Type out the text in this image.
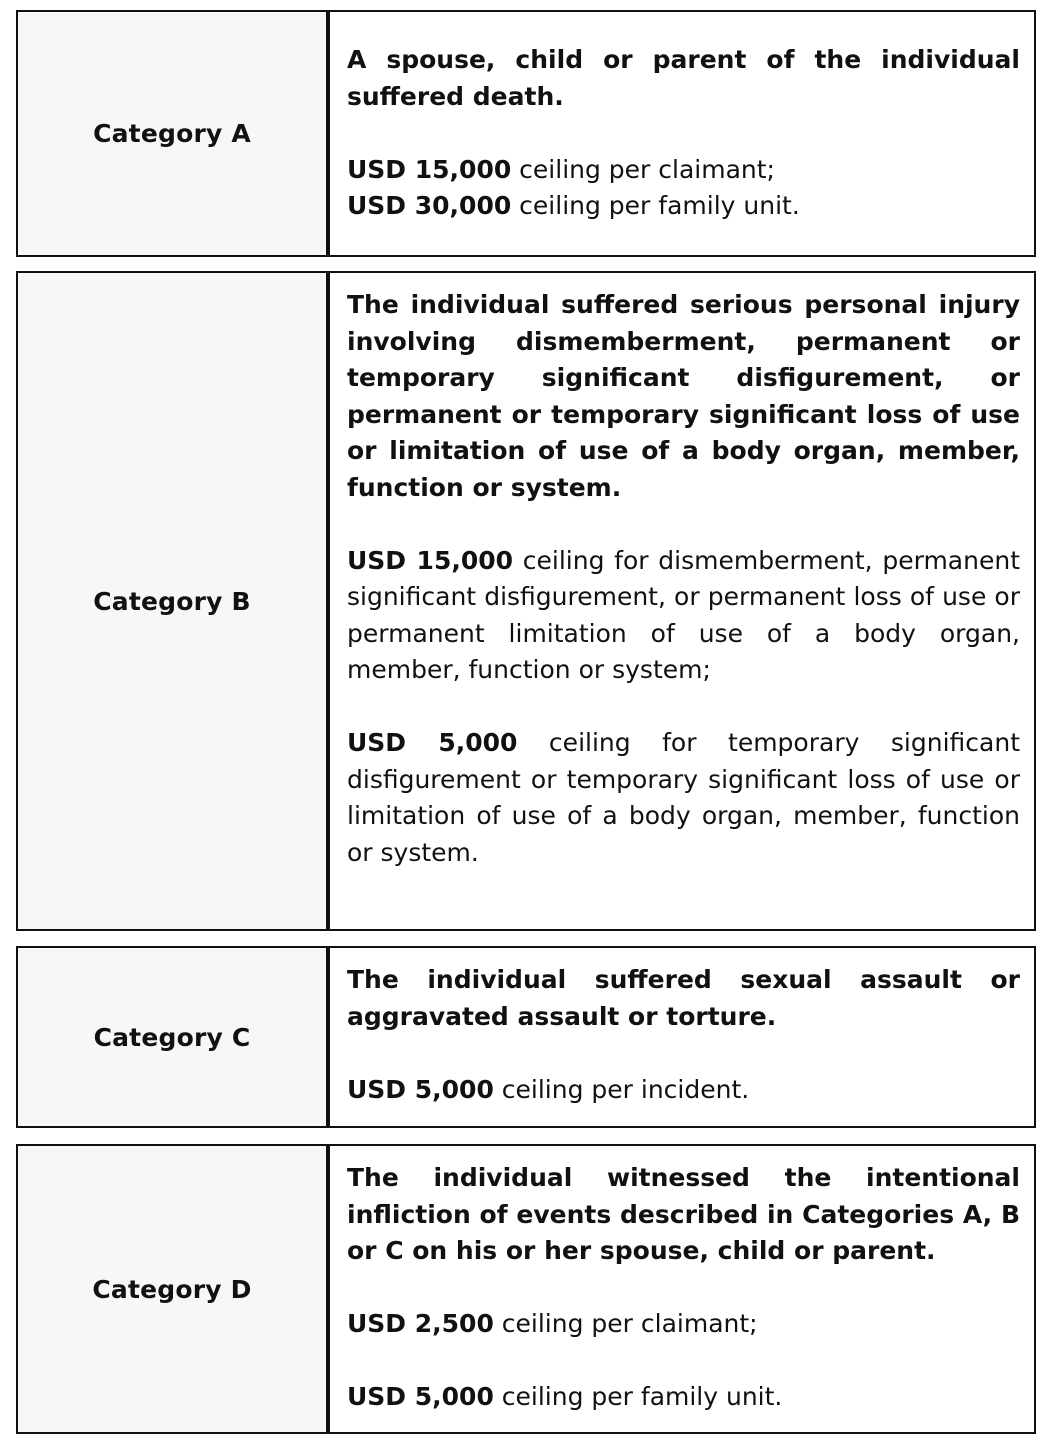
Category A

A spouse, child or parent of the individual suffered death.

USD 15,000 ceiling per claimant;
USD 30,000 ceiling per family unit.

Category B

The individual suffered serious personal injury involving dismemberment, permanent or temporary significant disfigurement, or permanent or temporary significant loss of use or limitation of use of a body organ, member, function or system.

USD 15,000 ceiling for dismemberment, permanent significant disfigurement, or permanent loss of use or permanent limitation of use of a body organ, member, function or system;

USD 5,000 ceiling for temporary significant disfigurement or temporary significant loss of use or limitation of use of a body organ, member, function or system.

Category C

The individual suffered sexual assault or aggravated assault or torture.

USD 5,000 ceiling per incident.

Category D

The individual witnessed the intentional infliction of events described in Categories A, B or C on his or her spouse, child or parent.

USD 2,500 ceiling per claimant;

USD 5,000 ceiling per family unit.
